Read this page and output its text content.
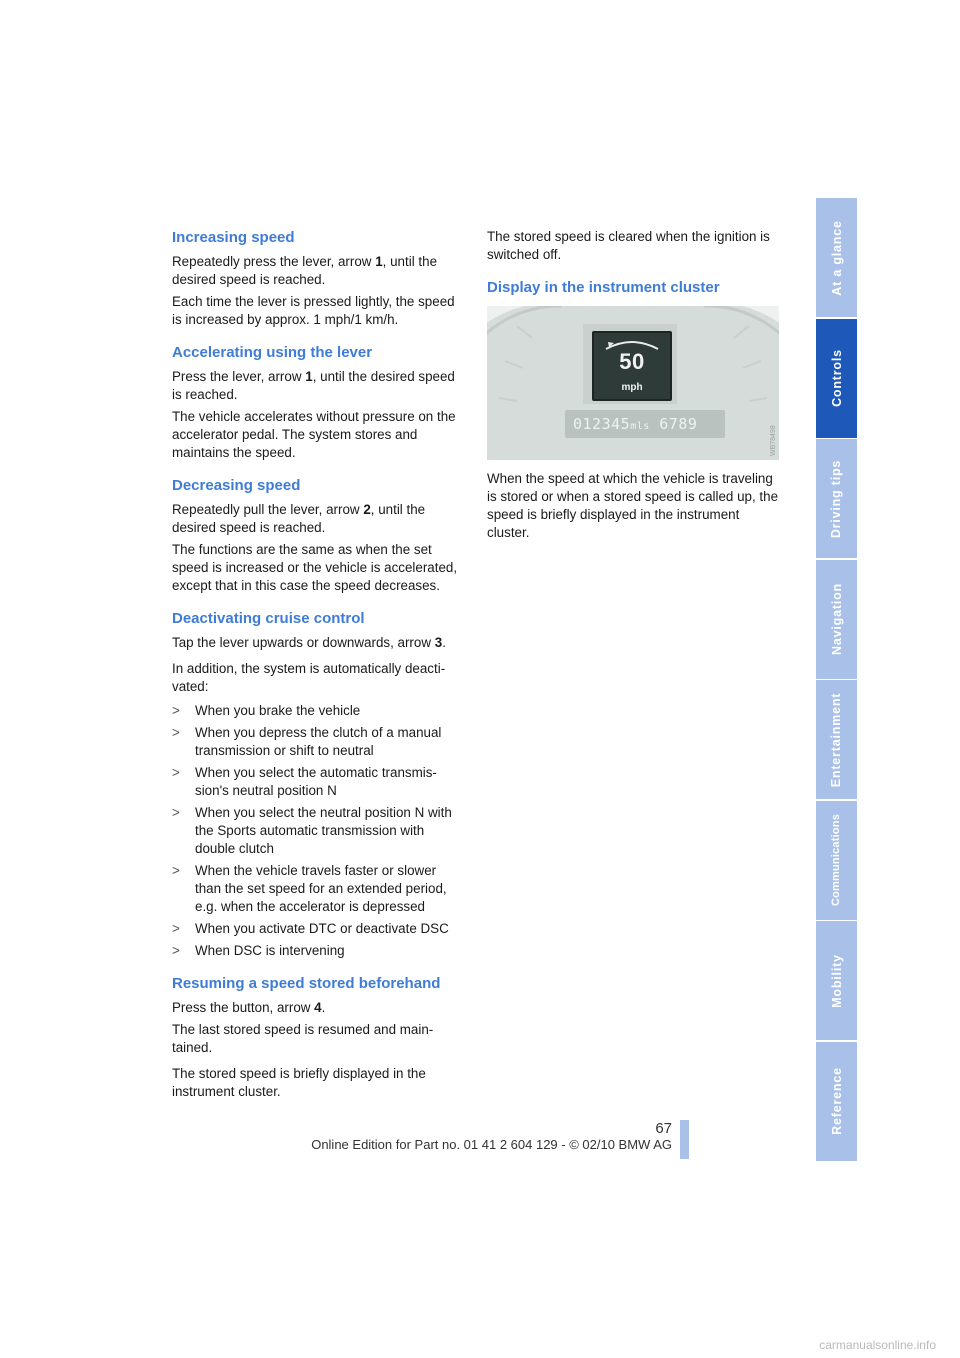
Increasing speed

Repeatedly press the lever, arrow 1, until the desired speed is reached.

Each time the lever is pressed lightly, the speed is increased by approx. 1 mph/1 km/h.

Accelerating using the lever

Press the lever, arrow 1, until the desired speed is reached.

The vehicle accelerates without pressure on the accelerator pedal. The system stores and maintains the speed.

Decreasing speed

Repeatedly pull the lever, arrow 2, until the desired speed is reached.

The functions are the same as when the set speed is increased or the vehicle is accelerated, except that in this case the speed decreases.

Deactivating cruise control

Tap the lever upwards or downwards, arrow 3.

In addition, the system is automatically deacti-vated:

> When you brake the vehicle
> When you depress the clutch of a manual transmission or shift to neutral
> When you select the automatic transmis-sion's neutral position N
> When you select the neutral position N with the Sports automatic transmission with double clutch
> When the vehicle travels faster or slower than the set speed for an extended period, e.g. when the accelerator is depressed
> When you activate DTC or deactivate DSC
> When DSC is intervening
Resuming a speed stored beforehand

Press the button, arrow 4.

The last stored speed is resumed and main-tained.

The stored speed is briefly displayed in the instrument cluster.

The stored speed is cleared when the ignition is switched off.

Display in the instrument cluster
50
mph
012345mls 6789
WB78498

When the speed at which the vehicle is traveling is stored or when a stored speed is called up, the speed is briefly displayed in the instrument cluster.

At a glance
Controls
Driving tips
Navigation
Entertainment
Communications
Mobility
Reference
67
Online Edition for Part no. 01 41 2 604 129 - © 02/10 BMW AG
carmanualsonline.info
